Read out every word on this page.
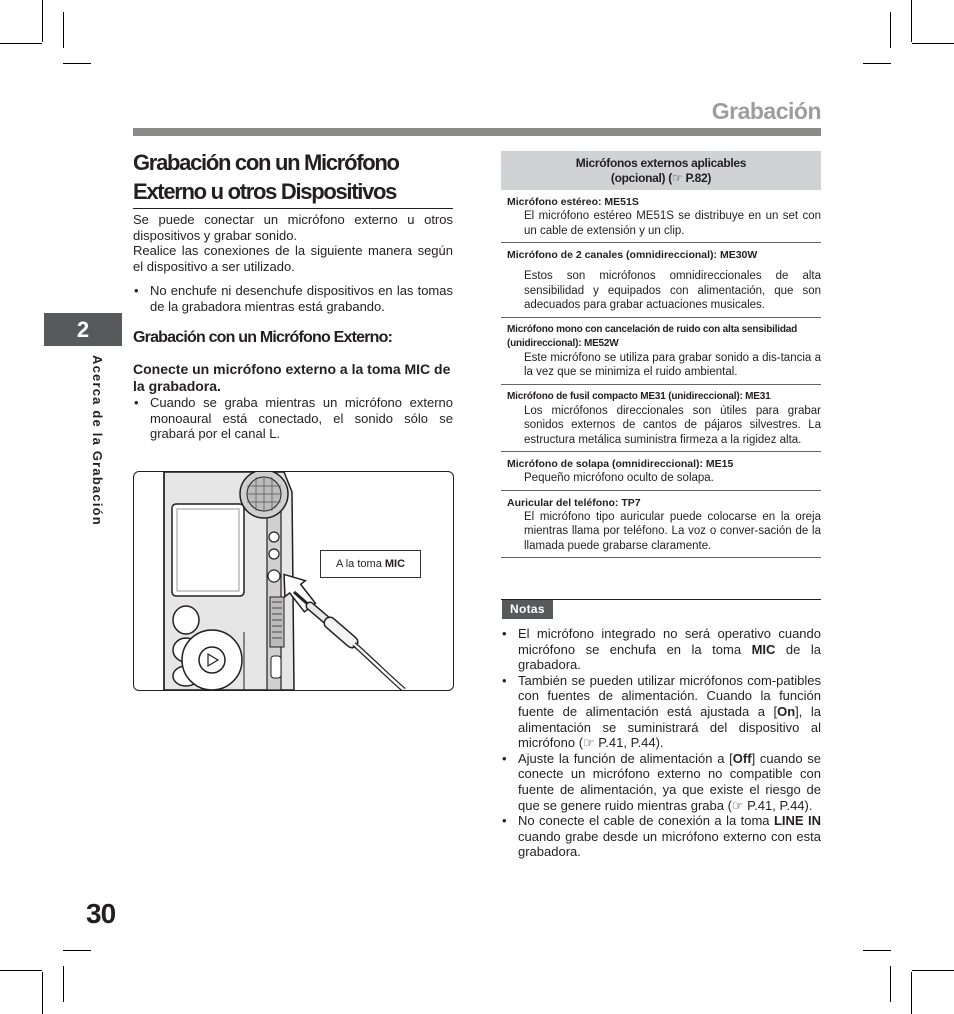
Grabación
2
Acerca de la Grabación
30
Grabación con un Micrófono
Externo u otros Dispositivos

Se puede conectar un micrófono externo u otros dispositivos y grabar sonido.

Realice las conexiones de la siguiente manera según el dispositivo a ser utilizado.

• No enchufe ni desenchufe dispositivos en las tomas de la grabadora mientras está grabando.
Grabación con un Micrófono Externo:

Conecte un micrófono externo a la toma MIC de la grabadora.

• Cuando se graba mientras un micrófono externo monoaural está conectado, el sonido sólo se grabará por el canal L.
A la toma MIC
Micrófonos externos aplicables
(opcional) (☞ P.82)
Micrófono estéreo: ME51S
El micrófono estéreo ME51S se distribuye en un set con un cable de extensión y un clip.
Micrófono de 2 canales (omnidireccional): ME30W
Estos son micrófonos omnidireccionales de alta sensibilidad y equipados con alimentación, que son adecuados para grabar actuaciones musicales.
Micrófono mono con cancelación de ruido con alta sensibilidad (unidireccional): ME52W
Este micrófono se utiliza para grabar sonido a dis-tancia a la vez que se minimiza el ruido ambiental.
Micrófono de fusil compacto ME31 (unidireccional): ME31
Los micrófonos direccionales son útiles para grabar sonidos externos de cantos de pájaros silvestres. La estructura metálica suministra firmeza a la rigidez alta.
Micrófono de solapa (omnidireccional): ME15
Pequeño micrófono oculto de solapa.
Auricular del teléfono: TP7
El micrófono tipo auricular puede colocarse en la oreja mientras llama por teléfono. La voz o conver-sación de la llamada puede grabarse claramente.
Notas
• El micrófono integrado no será operativo cuando micrófono se enchufa en la toma MIC de la grabadora.
• También se pueden utilizar micrófonos com-patibles con fuentes de alimentación. Cuando la función fuente de alimentación está ajustada a [On], la alimentación se suministrará del dispositivo al micrófono (☞ P.41, P.44).
• Ajuste la función de alimentación a [Off] cuando se conecte un micrófono externo no compatible con fuente de alimentación, ya que existe el riesgo de que se genere ruido mientras graba (☞ P.41, P.44).
• No conecte el cable de conexión a la toma LINE IN cuando grabe desde un micrófono externo con esta grabadora.
